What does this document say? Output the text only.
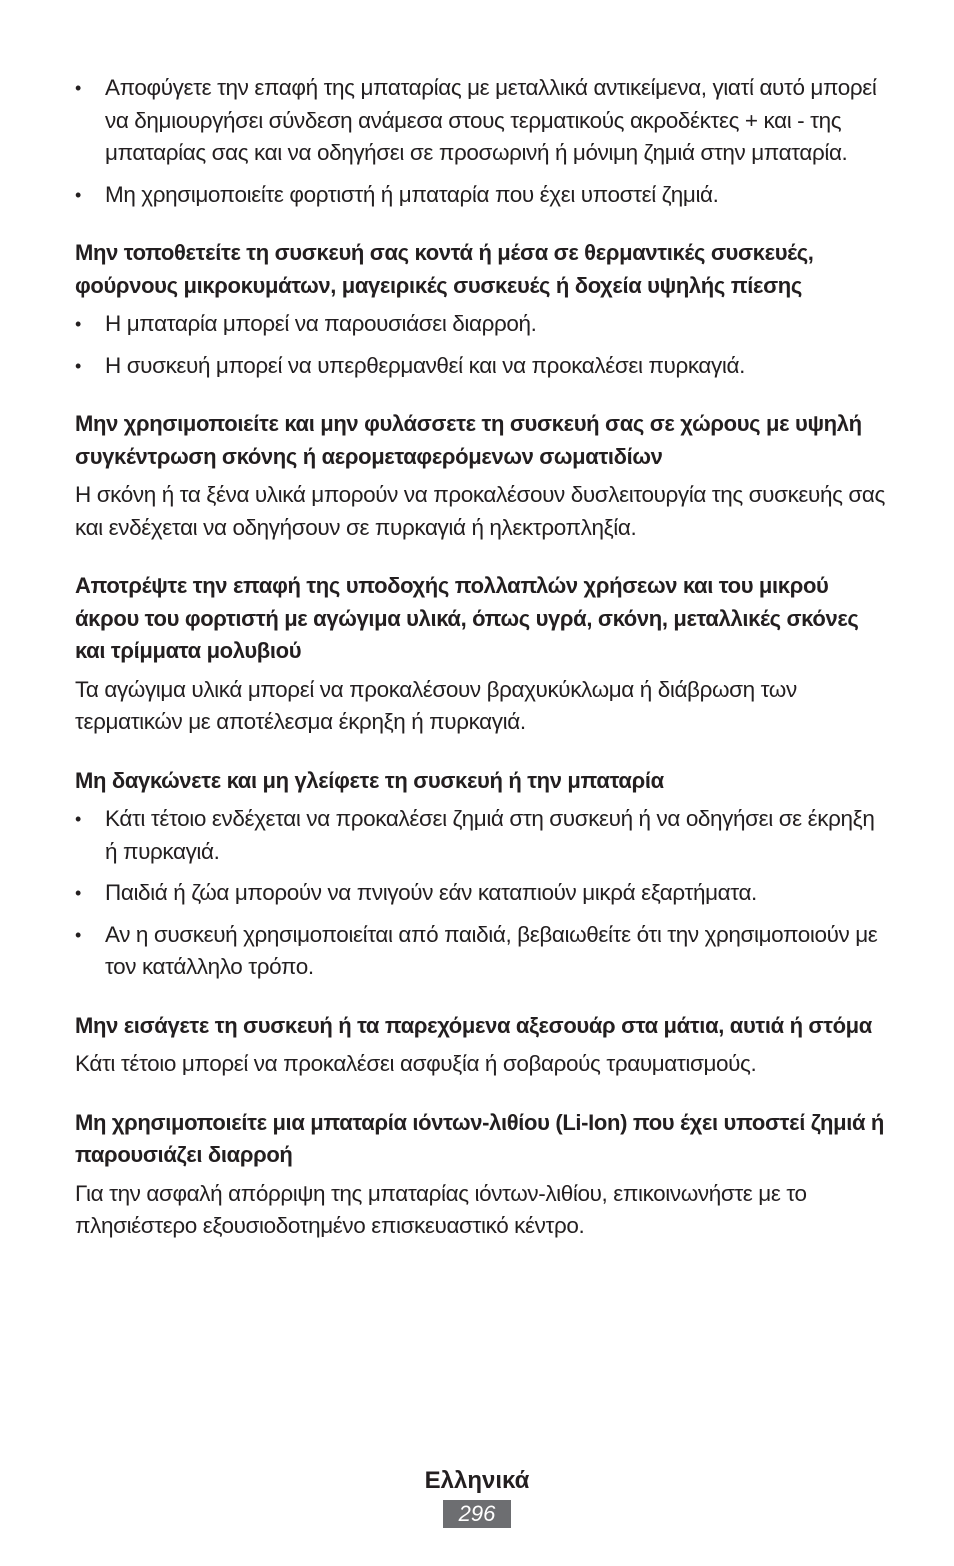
• Αποφύγετε την επαφή της μπαταρίας με μεταλλικά αντικείμενα, γιατί αυτό μπορεί να δημιουργήσει σύνδεση ανάμεσα στους τερματικούς ακροδέκτες + και - της μπαταρίας σας και να οδηγήσει σε προσωρινή ή μόνιμη ζημιά στην μπαταρία.
• Μη χρησιμοποιείτε φορτιστή ή μπαταρία που έχει υποστεί ζημιά.

Μην τοποθετείτε τη συσκευή σας κοντά ή μέσα σε θερμαντικές συσκευές, φούρνους μικροκυμάτων, μαγειρικές συσκευές ή δοχεία υψηλής πίεσης

• Η μπαταρία μπορεί να παρουσιάσει διαρροή.
• Η συσκευή μπορεί να υπερθερμανθεί και να προκαλέσει πυρκαγιά.

Μην χρησιμοποιείτε και μην φυλάσσετε τη συσκευή σας σε χώρους με υψηλή συγκέντρωση σκόνης ή αερομεταφερόμενων σωματιδίων

Η σκόνη ή τα ξένα υλικά μπορούν να προκαλέσουν δυσλειτουργία της συσκευής σας και ενδέχεται να οδηγήσουν σε πυρκαγιά ή ηλεκτροπληξία.

Αποτρέψτε την επαφή της υποδοχής πολλαπλών χρήσεων και του μικρού άκρου του φορτιστή με αγώγιμα υλικά, όπως υγρά, σκόνη, μεταλλικές σκόνες και τρίμματα μολυβιού

Τα αγώγιμα υλικά μπορεί να προκαλέσουν βραχυκύκλωμα ή διάβρωση των τερματικών με αποτέλεσμα έκρηξη ή πυρκαγιά.

Μη δαγκώνετε και μη γλείφετε τη συσκευή ή την μπαταρία

• Κάτι τέτοιο ενδέχεται να προκαλέσει ζημιά στη συσκευή ή να οδηγήσει σε έκρηξη ή πυρκαγιά.
• Παιδιά ή ζώα μπορούν να πνιγούν εάν καταπιούν μικρά εξαρτήματα.
• Αν η συσκευή χρησιμοποιείται από παιδιά, βεβαιωθείτε ότι την χρησιμοποιούν με τον κατάλληλο τρόπο.

Μην εισάγετε τη συσκευή ή τα παρεχόμενα αξεσουάρ στα μάτια, αυτιά ή στόμα

Κάτι τέτοιο μπορεί να προκαλέσει ασφυξία ή σοβαρούς τραυματισμούς.

Μη χρησιμοποιείτε μια μπαταρία ιόντων-λιθίου (Li-Ion) που έχει υποστεί ζημιά ή παρουσιάζει διαρροή

Για την ασφαλή απόρριψη της μπαταρίας ιόντων-λιθίου, επικοινωνήστε με το πλησιέστερο εξουσιοδοτημένο επισκευαστικό κέντρο.

Ελληνικά
296
